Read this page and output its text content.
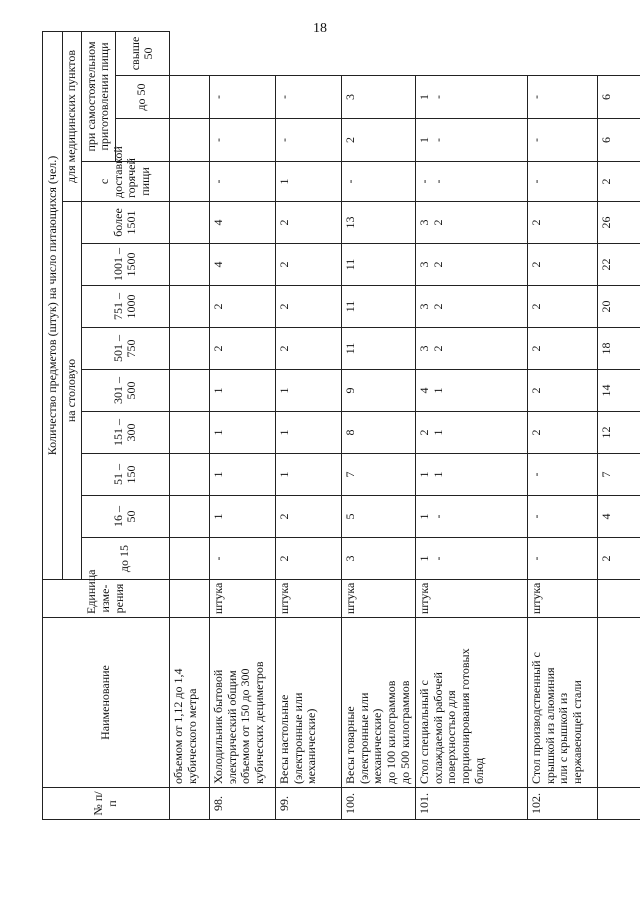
18
№ п/п	Наименование	Единица изме-рения	Количество предметов (штук) на число питающихся (чел.)												
			на столовую									для медицинских пунктов			
			до 15	16 – 50	51 – 150	151 – 300	301 – 500	501 – 750	751 – 1000	1001 – 1500	более 1501	с доставкой горячей пищи	при самостоятельном приготовлении пищи		
														до 50	свыше 50

	объемом от 1,12 до 1,4 кубического метра														

98.	Холодильник бытовой электрический общим объемом от 150 до 300 кубических дециметров	штука	-	1	1	1	1	2	2	4	4	-	-	-	

99.	Весы настольные (электронные или механические)	штука	2	2	1	1	1	2	2	2	2	1	-	-	

100.	Весы товарные (электронные или механические) до 100 килограммов до 500 килограммов	штука	3	5	7	8	9	11	11	11	13	-	2	3	

101.	Стол специальный с охлаждаемой рабочей поверхностью для порционирования готовых блюд	штука	1 -	1 -	1 1	2 1	4 1	3 2	3 2	3 2	3 2	- -	1 -	1 -	

102.	Стол производственный с крышкой из алюминия или с крышкой из нержавеющей стали	штука	-	-	-	2	2	2	2	2	2	-	-	-	

			2	4	7	12	14	18	20	22	26	2	6	6	
